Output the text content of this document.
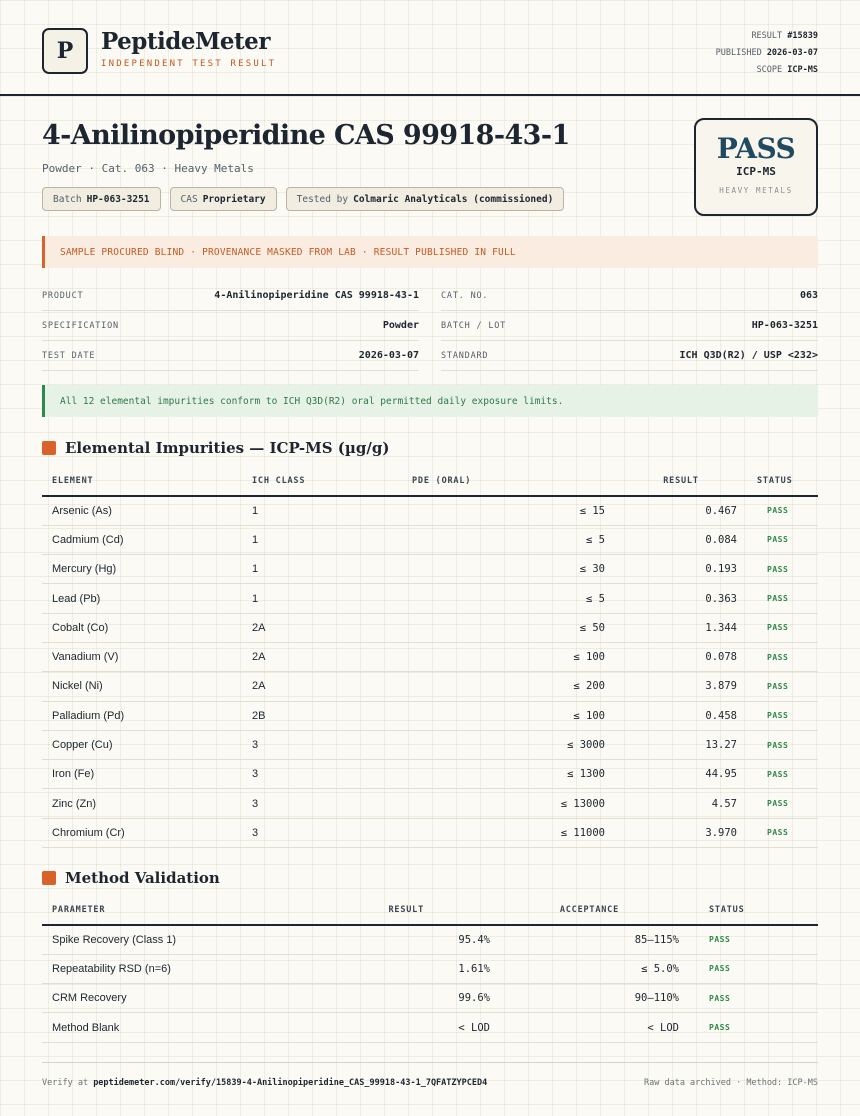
P	PeptideMeter
INDEPENDENT TEST RESULT
RESULT #15839
PUBLISHED 2026-03-07
SCOPE ICP-MS
4-Anilinopiperidine CAS 99918-43-1
Powder · Cat. 063 · Heavy Metals
Batch HP-063-3251	CAS Proprietary	Tested by Colmaric Analyticals (commissioned)
PASS
ICP-MS
HEAVY METALS
SAMPLE PROCURED BLIND · PROVENANCE MASKED FROM LAB · RESULT PUBLISHED IN FULL
PRODUCT	4-Anilinopiperidine CAS 99918-43-1
SPECIFICATION	Powder
TEST DATE	2026-03-07
CAT. NO.	063
BATCH / LOT	HP-063-3251
STANDARD	ICH Q3D(R2) / USP <232>
All 12 elemental impurities conform to ICH Q3D(R2) oral permitted daily exposure limits.
Elemental Impurities — ICP-MS (µg/g)
ELEMENT	ICH CLASS	PDE (ORAL)	RESULT	STATUS
Arsenic (As)	1	≤ 15	0.467	PASS
Cadmium (Cd)	1	≤ 5	0.084	PASS
Mercury (Hg)	1	≤ 30	0.193	PASS
Lead (Pb)	1	≤ 5	0.363	PASS
Cobalt (Co)	2A	≤ 50	1.344	PASS
Vanadium (V)	2A	≤ 100	0.078	PASS
Nickel (Ni)	2A	≤ 200	3.879	PASS
Palladium (Pd)	2B	≤ 100	0.458	PASS
Copper (Cu)	3	≤ 3000	13.27	PASS
Iron (Fe)	3	≤ 1300	44.95	PASS
Zinc (Zn)	3	≤ 13000	4.57	PASS
Chromium (Cr)	3	≤ 11000	3.970	PASS
Method Validation
PARAMETER	RESULT	ACCEPTANCE	STATUS
Spike Recovery (Class 1)	95.4%	85–115%	PASS
Repeatability RSD (n=6)	1.61%	≤ 5.0%	PASS
CRM Recovery	99.6%	90–110%	PASS
Method Blank	< LOD	< LOD	PASS
Verify at peptidemeter.com/verify/15839-4-Anilinopiperidine_CAS_99918-43-1_7QFATZYPCED4	Raw data archived · Method: ICP-MS
